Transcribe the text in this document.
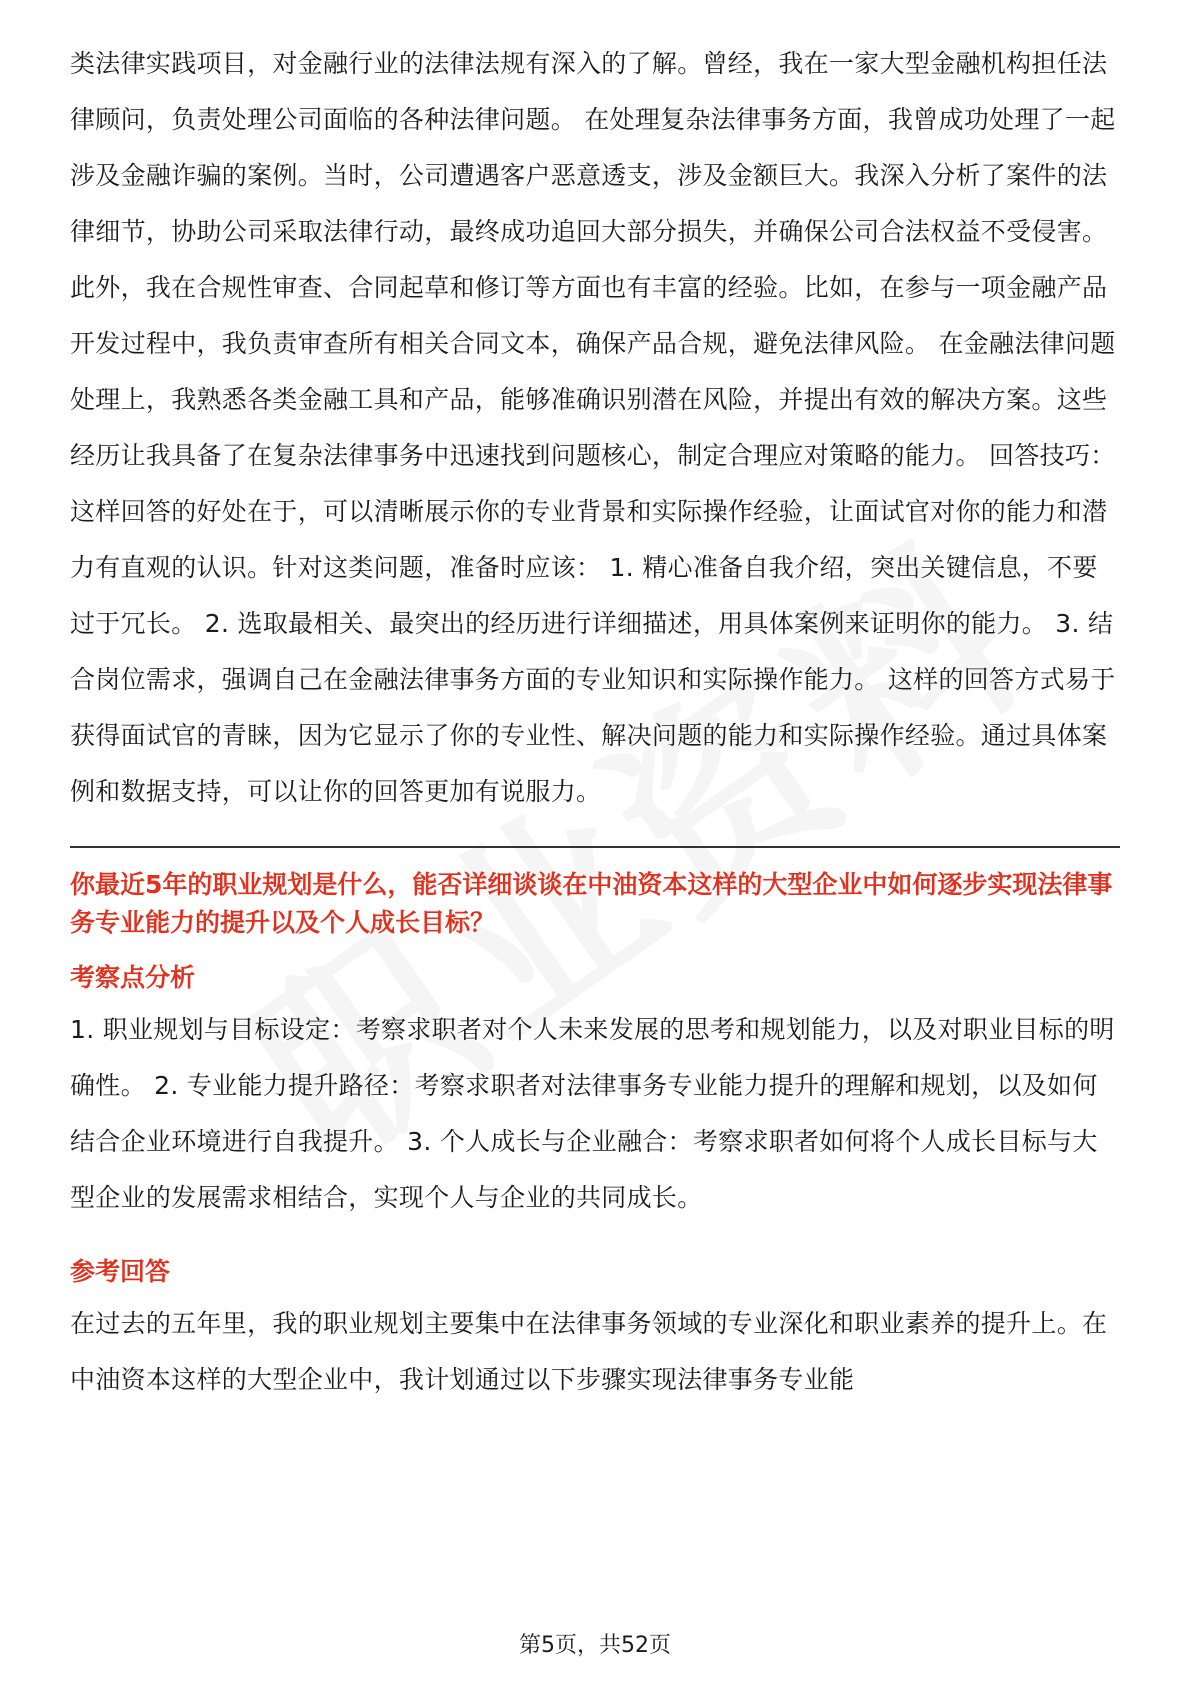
类法律实践项目，对金融行业的法律法规有深入的了解。曾经，我在一家大型金融机构担任法律顾问，负责处理公司面临的各种法律问题。 在处理复杂法律事务方面，我曾成功处理了一起涉及金融诈骗的案例。当时，公司遭遇客户恶意透支，涉及金额巨大。我深入分析了案件的法律细节，协助公司采取法律行动，最终成功追回大部分损失，并确保公司合法权益不受侵害。 此外，我在合规性审查、合同起草和修订等方面也有丰富的经验。比如，在参与一项金融产品开发过程中，我负责审查所有相关合同文本，确保产品合规，避免法律风险。 在金融法律问题处理上，我熟悉各类金融工具和产品，能够准确识别潜在风险，并提出有效的解决方案。这些经历让我具备了在复杂法律事务中迅速找到问题核心，制定合理应对策略的能力。 回答技巧： 这样回答的好处在于，可以清晰展示你的专业背景和实际操作经验，让面试官对你的能力和潜力有直观的认识。针对这类问题，准备时应该： 1. 精心准备自我介绍，突出关键信息，不要过于冗长。 2. 选取最相关、最突出的经历进行详细描述，用具体案例来证明你的能力。 3. 结合岗位需求，强调自己在金融法律事务方面的专业知识和实际操作能力。 这样的回答方式易于获得面试官的青睐，因为它显示了你的专业性、解决问题的能力和实际操作经验。通过具体案例和数据支持，可以让你的回答更加有说服力。

你最近5年的职业规划是什么，能否详细谈谈在中油资本这样的大型企业中如何逐步实现法律事务专业能力的提升以及个人成长目标？

考察点分析

1. 职业规划与目标设定：考察求职者对个人未来发展的思考和规划能力，以及对职业目标的明确性。 2. 专业能力提升路径：考察求职者对法律事务专业能力提升的理解和规划，以及如何结合企业环境进行自我提升。 3. 个人成长与企业融合：考察求职者如何将个人成长目标与大型企业的发展需求相结合，实现个人与企业的共同成长。

参考回答

在过去的五年里，我的职业规划主要集中在法律事务领域的专业深化和职业素养的提升上。在中油资本这样的大型企业中，我计划通过以下步骤实现法律事务专业能

第5页，共52页
